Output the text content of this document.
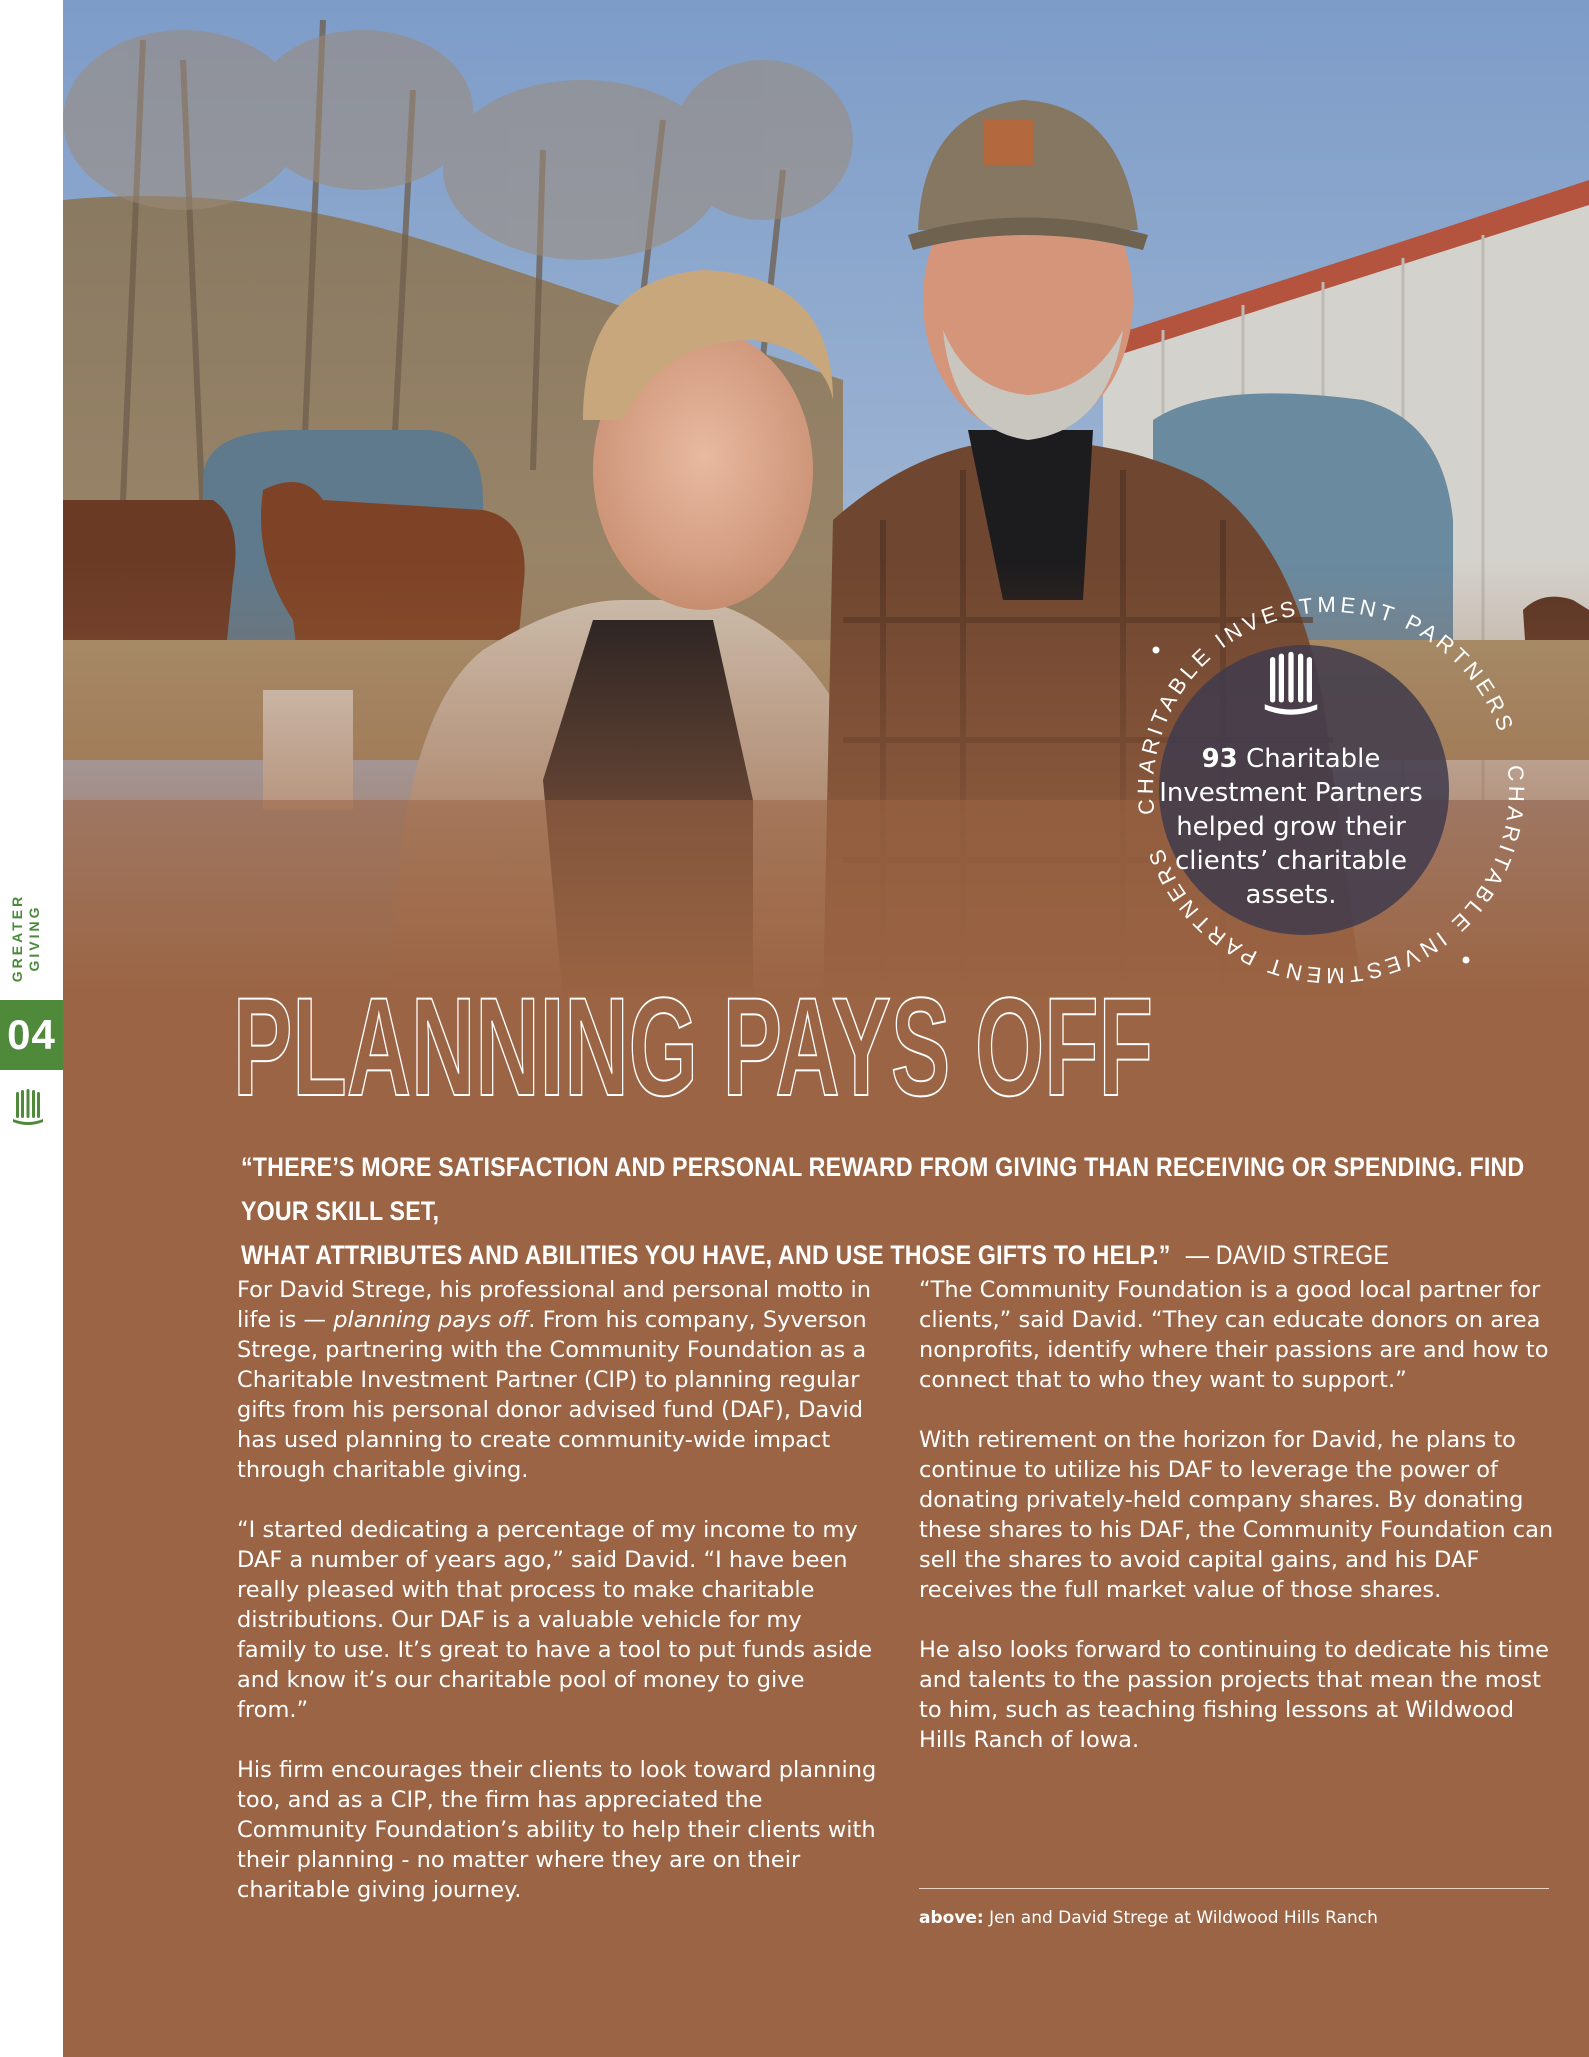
GREATER
GIVING
04
CHARITABLE INVESTMENT PARTNERS
CHARITABLE INVESTMENT PARTNERS
93 Charitable
Investment Partners
helped grow their
clients’ charitable
assets.
PLANNING PAYS OFF
“THERE’S MORE SATISFACTION AND PERSONAL REWARD FROM GIVING THAN RECEIVING OR SPENDING. FIND YOUR SKILL SET,
WHAT ATTRIBUTES AND ABILITIES YOU HAVE, AND USE THOSE GIFTS TO HELP.” — DAVID STREGE

For David Strege, his professional and personal motto in life is — planning pays off. From his company, Syverson Strege, partnering with the Community Foundation as a Charitable Investment Partner (CIP) to planning regular gifts from his personal donor advised fund (DAF), David has used planning to create community-wide impact through charitable giving.

“I started dedicating a percentage of my income to my DAF a number of years ago,” said David. “I have been really pleased with that process to make charitable distributions. Our DAF is a valuable vehicle for my family to use. It’s great to have a tool to put funds aside and know it’s our charitable pool of money to give from.”

His firm encourages their clients to look toward planning too, and as a CIP, the firm has appreciated the Community Foundation’s ability to help their clients with their planning - no matter where they are on their charitable giving journey.

“The Community Foundation is a good local partner for clients,” said David. “They can educate donors on area nonprofits, identify where their passions are and how to connect that to who they want to support.”

With retirement on the horizon for David, he plans to continue to utilize his DAF to leverage the power of donating privately-held company shares. By donating these shares to his DAF, the Community Foundation can sell the shares to avoid capital gains, and his DAF receives the full market value of those shares.

He also looks forward to continuing to dedicate his time and talents to the passion projects that mean the most to him, such as teaching fishing lessons at Wildwood Hills Ranch of Iowa.

above: Jen and David Strege at Wildwood Hills Ranch
